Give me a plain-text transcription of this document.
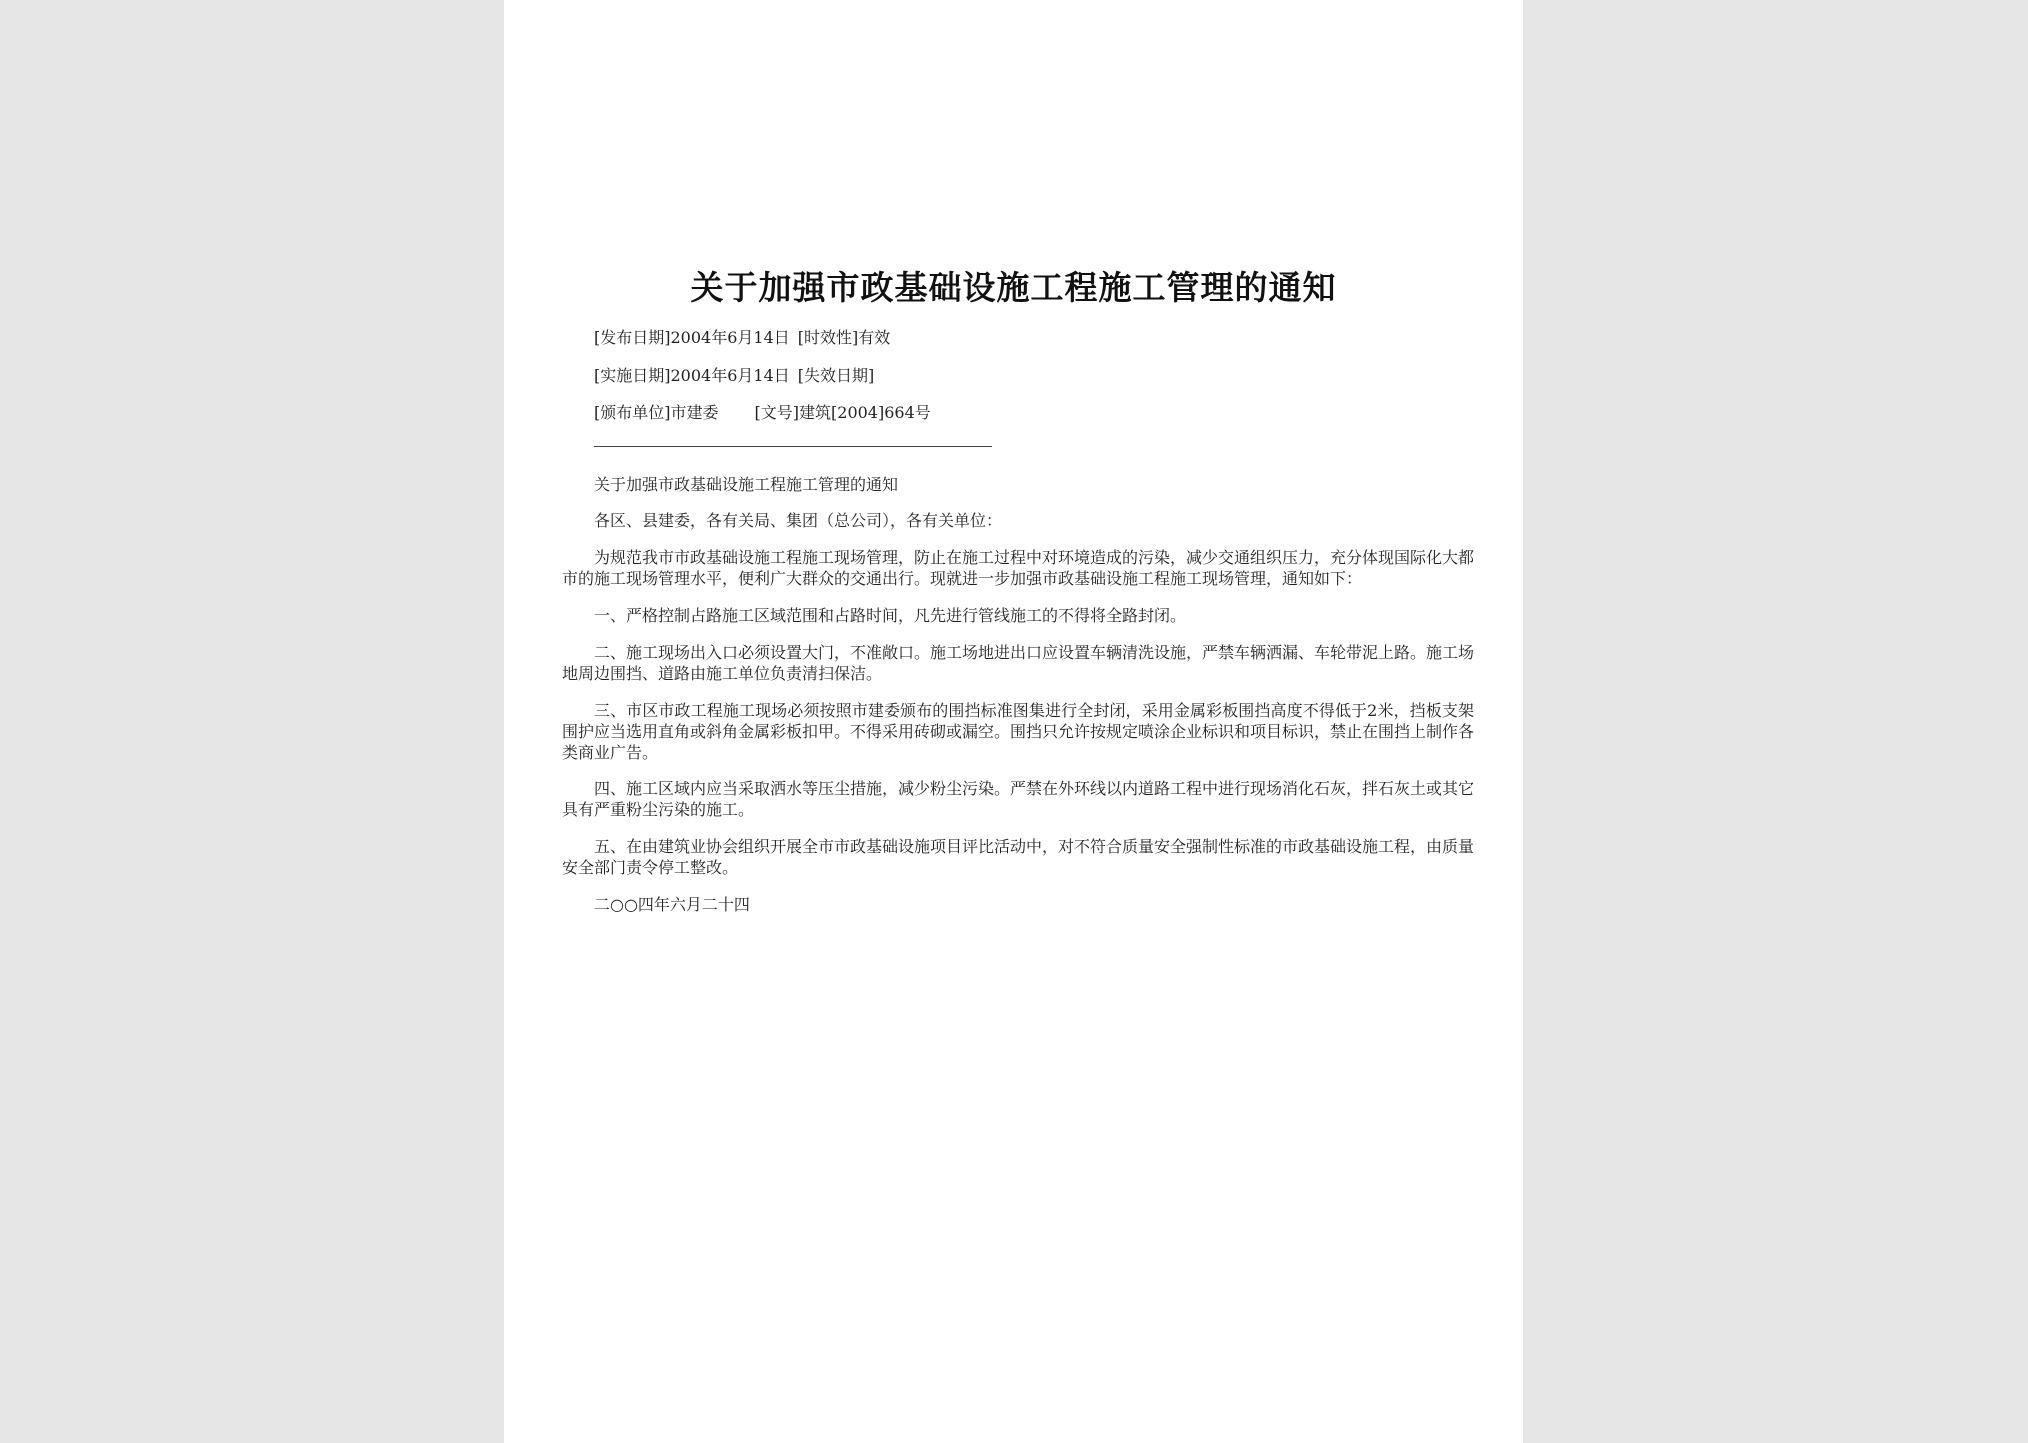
关于加强市政基础设施工程施工管理的通知
[发布日期]2004年6月14日 [时效性]有效
[实施日期]2004年6月14日 [失效日期]
[颁布单位]市建委 [文号]建筑[2004]664号
关于加强市政基础设施工程施工管理的通知
各区、县建委，各有关局、集团（总公司），各有关单位：
为规范我市市政基础设施工程施工现场管理，防止在施工过程中对环境造成的污染，减少交通组织压力，充分体现国际化大都市的施工现场管理水平，便利广大群众的交通出行。现就进一步加强市政基础设施工程施工现场管理，通知如下：
一、严格控制占路施工区域范围和占路时间，凡先进行管线施工的不得将全路封闭。
二、施工现场出入口必须设置大门，不准敞口。施工场地进出口应设置车辆清洗设施，严禁车辆洒漏、车轮带泥上路。施工场地周边围挡、道路由施工单位负责清扫保洁。
三、市区市政工程施工现场必须按照市建委颁布的围挡标准图集进行全封闭，采用金属彩板围挡高度不得低于2米，挡板支架围护应当选用直角或斜角金属彩板扣甲。不得采用砖砌或漏空。围挡只允许按规定喷涂企业标识和项目标识，禁止在围挡上制作各类商业广告。
四、施工区域内应当采取洒水等压尘措施，减少粉尘污染。严禁在外环线以内道路工程中进行现场消化石灰，拌石灰土或其它具有严重粉尘污染的施工。
五、在由建筑业协会组织开展全市市政基础设施项目评比活动中，对不符合质量安全强制性标准的市政基础设施工程，由质量安全部门责令停工整改。
二○○四年六月二十四
